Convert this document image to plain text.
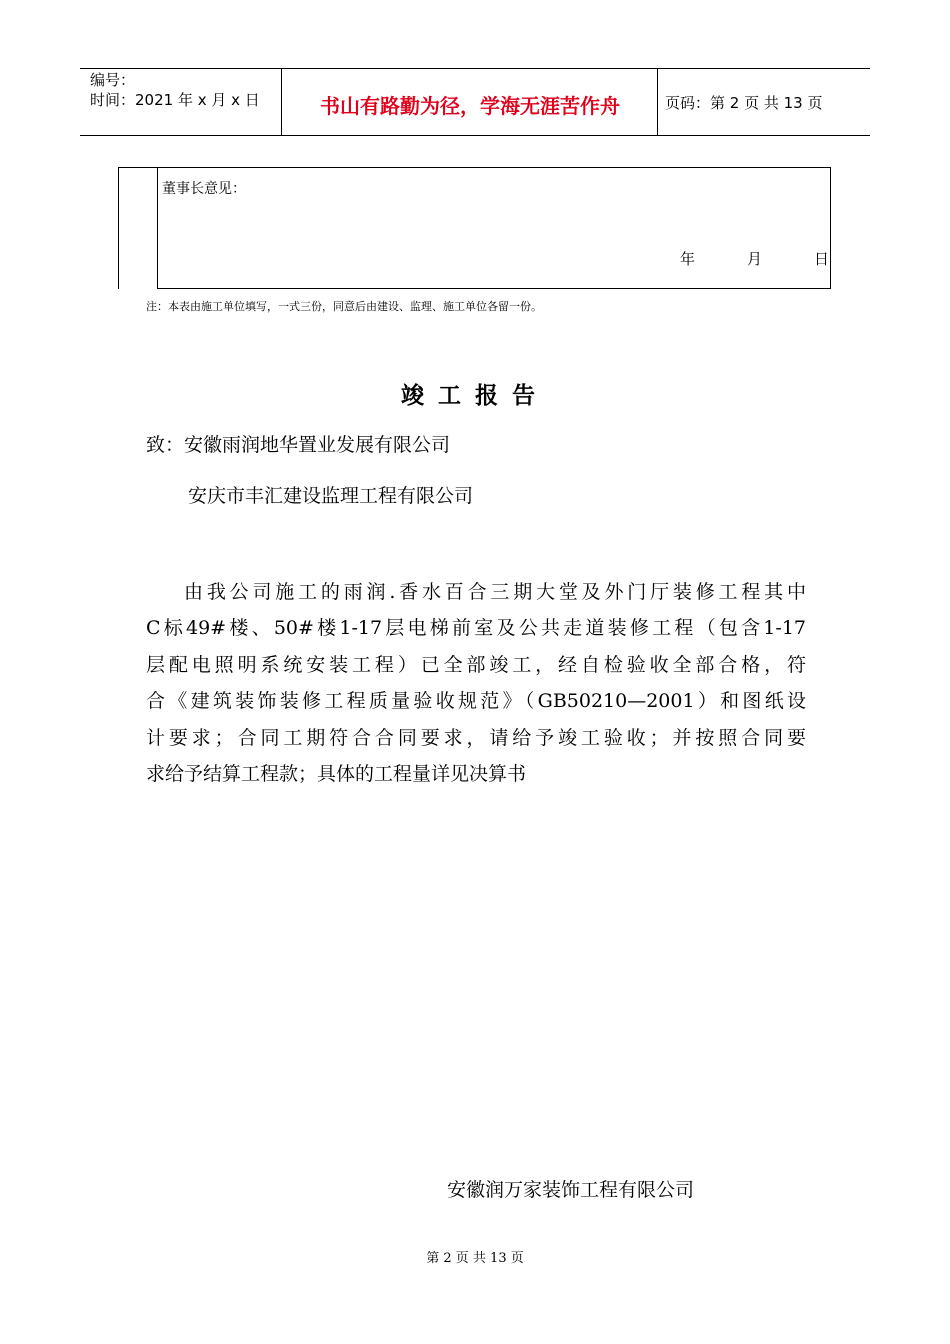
编号：
时间：2021 年 x 月 x 日	书山有路勤为径，学海无涯苦作舟	页码：第 2 页 共 13 页
董事长意见：
年	月	日
注：本表由施工单位填写，一式三份，同意后由建设、监理、施工单位各留一份。
竣工报告
致：安徽雨润地华置业发展有限公司
安庆市丰汇建设监理工程有限公司
由我公司施工的雨润.香水百合三期大堂及外门厅装修工程其中
C标49#楼、50#楼1-17层电梯前室及公共走道装修工程（包含1-17
层配电照明系统安装工程）已全部竣工，经自检验收全部合格，符
合《建筑装饰装修工程质量验收规范》（GB50210—2001）和图纸设
计要求；合同工期符合合同要求，请给予竣工验收；并按照合同要
求给予结算工程款；具体的工程量详见决算书
安徽润万家装饰工程有限公司
第 2 页 共 13 页
